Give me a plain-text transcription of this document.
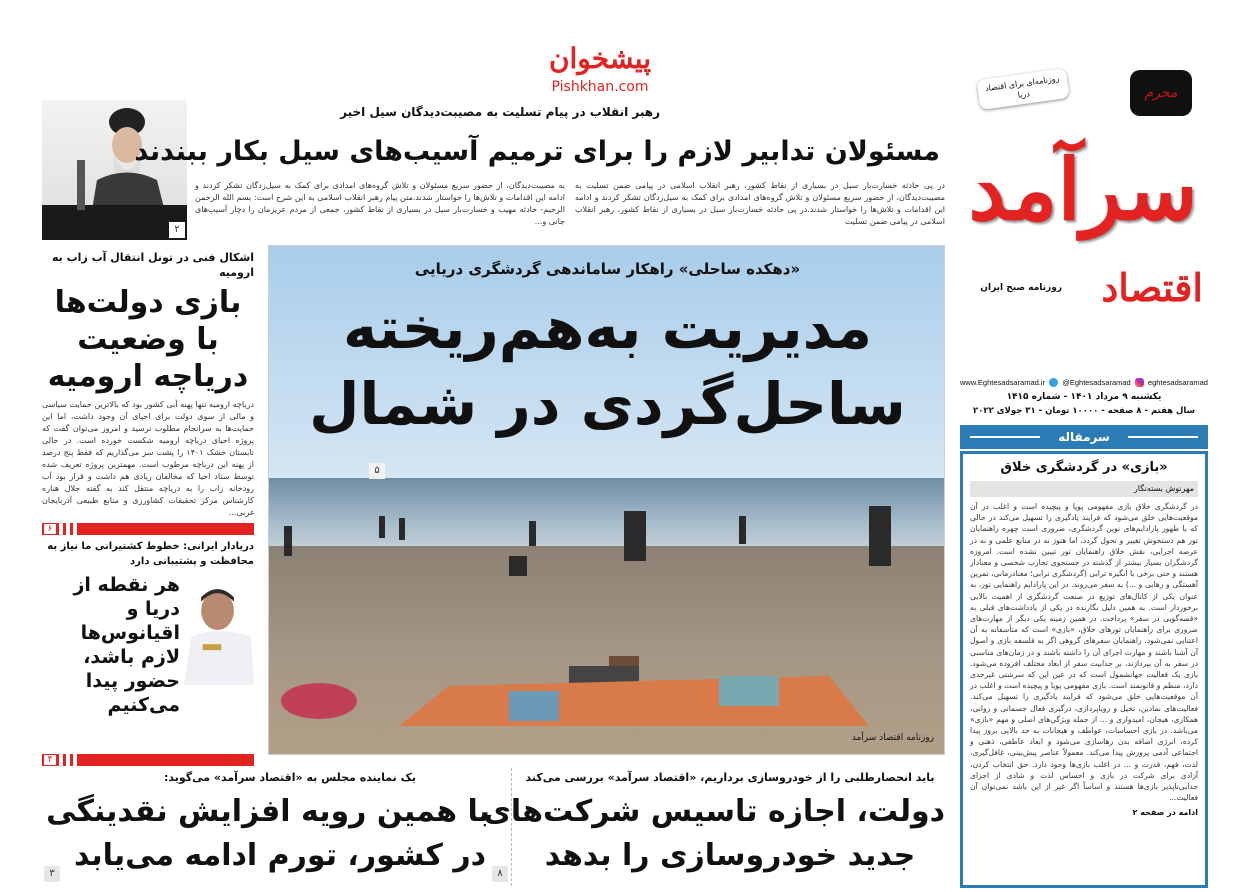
پیشخوان
Pishkhan.com
۲
رهبر انقلاب در پیام تسلیت به مصیبت‌دیدگان سیل اخیر
مسئولان تدابیر لازم را برای ترمیم آسیب‌های سیل بکار ببندند
در پی حادثه خسارت‌بار سیل در بسیاری از نقاط کشور، رهبر انقلاب اسلامی در پیامی ضمن تسلیت به مصیبت‌دیدگان، از حضور سریع مسئولان و تلاش گروه‌های امدادی برای کمک به سیل‌زدگان تشکر کردند و ادامه این اقدامات و تلاش‌ها را خواستار شدند.در پی حادثه خسارت‌بار سیل در بسیاری از نقاط کشور، رهبر انقلاب اسلامی در پیامی ضمن تسلیت
به مصیبت‌دیدگان، از حضور سریع مسئولان و تلاش گروه‌های امدادی برای کمک به سیل‌زدگان تشکر کردند و ادامه این اقدامات و تلاش‌ها را خواستار شدند.متن پیام رهبر انقلاب اسلامی به این شرح است: بسم الله الرحمن الرحیم- حادثه مهیب و خسارت‌بار سیل در بسیاری از نقاط کشور، جمعی از مردم عزیزمان را دچار آسیب‌های جانی و...
«دهکده ساحلی» راهکار ساماندهی گردشگری دریایی
مدیریت به‌هم‌ریخته
ساحل‌گردی در شمال
۵
روزنامه اقتصاد سرآمد
اشکال فنی در تونل انتقال آب زاب به ارومیه
بازی دولت‌ها با وضعیت دریاچه ارومیه
دریاچه ارومیه تنها پهنه آبی کشور بود که بالاترین حمایت سیاسی و مالی از سوی دولت برای احیای آن وجود داشت، اما این حمایت‌ها به سرانجام مطلوب نرسید و امروز می‌توان گفت که پروژه احیای دریاچه ارومیه شکست خورده است. در حالی تابستان خشک ۱۴۰۱ را پشت سر می‌گذاریم که فقط پنج درصد از پهنه این دریاچه مرطوب است. مهمترین پروژه تعریف شده توسط ستاد احیا که مخالفان زیادی هم داشت و قرار بود آب رودخانه زاب را به دریاچه منتقل کند به گفته جلال هناره کارشناس مرکز تحقیقات کشاورزی و منابع طبیعی آذربایجان غربی...
۶
دریادار ایرانی: خطوط کشتیرانی ما نیاز به محافظت و پشتیبانی دارد
هر نقطه از دریا و اقیانوس‌ها لازم باشد، حضور پیدا می‌کنیم
۴
باید انحصارطلبی را از خودروسازی برداریم، «اقتصاد سرآمد» بررسی می‌کند
دولت، اجازه تاسیس شرکت‌های
جدید خودروسازی را بدهد
۸
یک نماینده مجلس به «اقتصاد سرآمد» می‌گوید:
با همین رویه افزایش نقدینگی
در کشور، تورم ادامه می‌یابد
۳
محرم
روزنامه‌ای برای اقتصاد دریا
سرآمد
اقتصاد
روزنامه صبح ایران
www.Eghtesadsaramad.ir @Eghtesadsaramad eghtesadsaramad
یکشنبه ۹ مرداد ۱۴۰۱ - شماره ۱۴۱۵
سال هفتم - ۸ صفحه - ۱۰۰۰۰ تومان - ۳۱ جولای ۲۰۲۲
سرمقاله
«بازی» در گردشگری خلاق
مهرنوش بسته‌نگار
در گردشگری خلاق بازی مفهومی پویا و پیچیده است و اغلب در آن موقعیت‌هایی خلق می‌شود که فرایند یادگیری را تسهیل می‌کند در حالی که با ظهور پارادایم‌های نوین گردشگری، ضروری است چهره راهنمایان تور هم دستخوش تغییر و تحول گردد، اما هنوز نه در منابع علمی و نه در عرصه اجرایی، نقش خلاق راهنمایان تور تبیین نشده است. امروزه گردشگران بسیار بیشتر از گذشته در جستجوی تجارب شخصی و معنادار هستند و حتی برخی با انگیزه ترابی (گردشگری ترابی؛ معنادرمانی، تمرین آهستگی و رهایی و ...) به سفر می‌روند. در این پارادایم راهنمایی تور، به عنوان یکی از کانال‌های توزیع در صنعت گردشگری از اهمیت بالایی برخوردار است. به همین دلیل نگارنده در یکی از یادداشت‌های قبلی به «قصه‌گویی در سفر» پرداخت. در همین زمینه یکی دیگر از مهارت‌های ضروری برای راهنمایان تورهای خلاق، «بازی» است که متأسفانه به آن اعتنایی نمی‌شود. راهنمایان سفرهای گروهی اگر به فلسفه بازی و اصول آن آشنا باشند و مهارت اجرای آن را داشته باشند و در زمان‌های مناسبی در سفر به آن بپردازند، بر جذابیت سفر از ابعاد مختلف افزوده می‌شود. بازی یک فعالیت جهانشمول است که در عین این که سرشتی غیرجدی دارد، منظم و قانونمند است. بازی مفهومی پویا و پیچیده است و اغلب در آن موقعیت‌هایی خلق می‌شود که فرایند یادگیری را تسهیل می‌کند. فعالیت‌های نمادین، تخیل و رویاپردازی، درگیری فعال جسمانی و روانی، همکاری، هیجان، امیدواری و ... از جمله ویژگی‌های اصلی و مهم «بازی» می‌باشد. در بازی احساسات، عواطف و هیجانات به حد بالایی بروز پیدا کرده، انرژی اضافه بدن رهاسازی می‌شود و ابعاد عاطفی، ذهنی و اجتماعی آدمی پرورش پیدا می‌کند. معمولاً عناصر پیش‌بینی، غافل‌گیری، لذت، فهم، قدرت و ... در اغلب بازی‌ها وجود دارد. حق انتخاب کردن، آزادی برای شرکت در بازی و احساس لذت و شادی از اجزای جدایی‌ناپذیر بازی‌ها هستند و اساساً اگر غیر از این باشد نمی‌توان آن فعالیت...
ادامه در صفحه ۲
